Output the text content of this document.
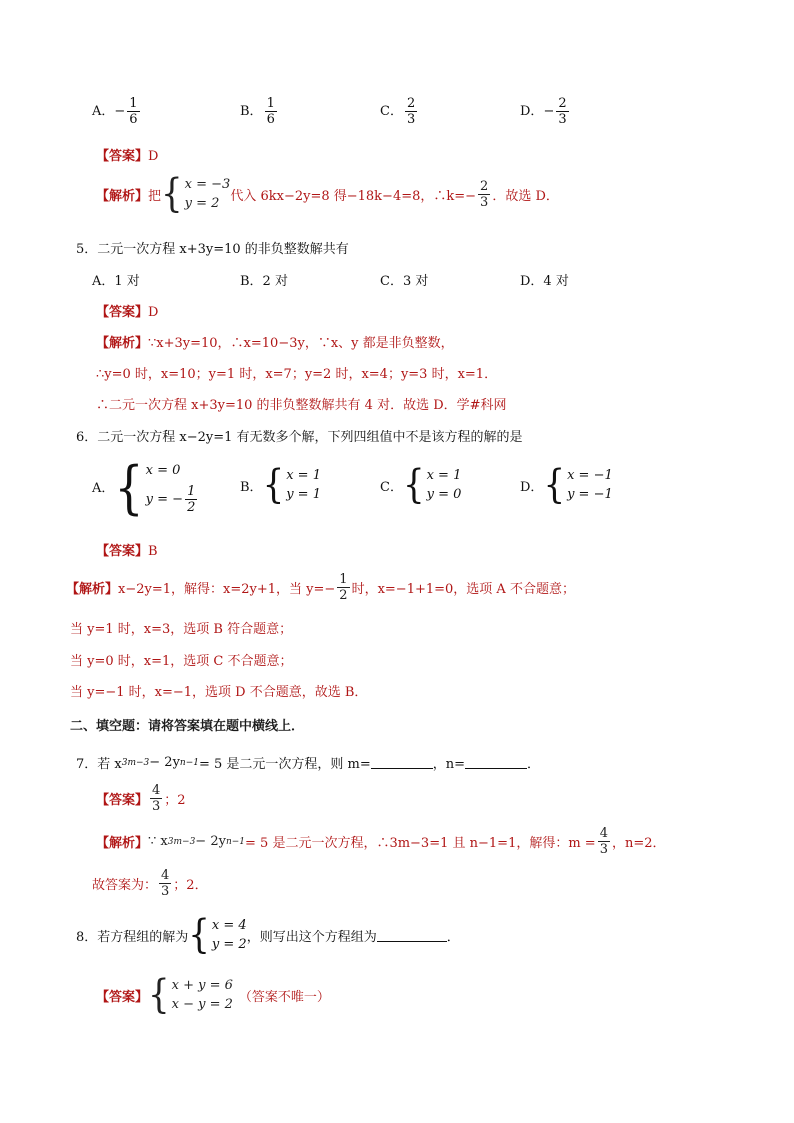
A．− $\frac{1}{6}$	B． $\frac{1}{6}$	C． $\frac{2}{3}$	D．− $\frac{2}{3}$
【答案】D
【解析】 把 { x = −3
y = 2 代入 6kx−2y=8 得−18k−4=8，∴k=− $\frac{2}{3}$ ．故选 D．
5．二元一次方程 x+3y=10 的非负整数解共有
A．1 对	B．2 对	C．3 对	D．4 对
【答案】D
【解析】∵x+3y=10，∴x=10−3y，∵x、y 都是非负整数，
∴y=0 时，x=10；y=1 时，x=7；y=2 时，x=4；y=3 时，x=1．
∴二元一次方程 x+3y=10 的非负整数解共有 4 对．故选 D．学#科网
6．二元一次方程 x−2y=1 有无数多个解，下列四组值中不是该方程的解的是
A． { x = 0
y = − $\frac{1}{2}$	B． { x = 1
y = 1	C． { x = 1
y = 0	D． { x = −1
y = −1
【答案】B
【解析】 x−2y=1，解得：x=2y+1，当 $y=- \frac{1}{2}$ 时，x=−1+1=0，选项 A 不合题意；
当 y=1 时，x=3，选项 B 符合题意；
当 y=0 时，x=1，选项 C 不合题意；
当 y=−1 时，x=−1，选项 D 不合题意，故选 B．
二、填空题：请将答案填在题中横线上．
7．若 x 3m−3 − 2y n−1 = 5 是二元一次方程，则 m=	，n=	．
【答案】 $\frac{4}{3}$ ；2
【解析】 ∵ x 3m−3 − 2y n−1 = 5 是二元一次方程，∴3m−3=1 且 n−1=1，解得：$m = \frac{4}{3}$ ，n=2．
故答案为： $\frac{4}{3}$ ；2．
8．若方程组的解为 { x = 4
y = 2 ，则写出这个方程组为	．
【答案】 { x + y = 6
x − y = 2 （答案不唯一）
